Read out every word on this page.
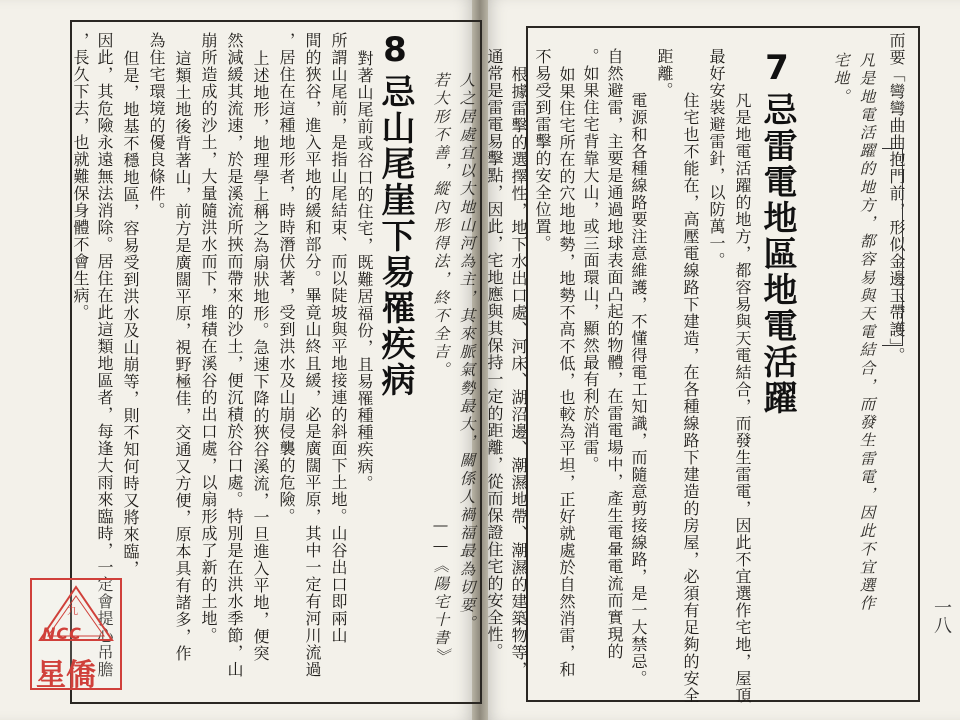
人之居處宜以大地山河為主，其來脈氣勢最大，關係人禍福最為切要。
若大形不善，縱內形得法，終不全吉。
——《陽宅十書》
8忌山尾崖下易罹疾病
對著山尾前或谷口的住宅，既難居福份，且易罹種種疾病。
所謂山尾前，是指山尾結束、而以陡坡與平地接連的斜面下土地。山谷出口即兩山
間的狹谷，進入平地的緩和部分。畢竟山終且緩，必是廣闊平原，其中一定有河川流過
，居住在這種地形者，時時潛伏著，受到洪水及山崩侵襲的危險。
上述地形，地理學上稱之為扇狀地形。急速下降的狹谷溪流，一旦進入平地，便突
然減緩其流速，於是溪流所挾而帶來的沙土，便沉積於谷口處。特別是在洪水季節，山
崩所造成的沙土，大量隨洪水而下，堆積在溪谷的出口處，以扇形成了新的土地。
這類土地後背著山，前方是廣闊平原，視野極佳，交通又方便，原本具有諸多，作
為住宅環境的優良條件。
但是，地基不穩地區，容易受到洪水及山崩等，則不知何時又將來臨，
因此，其危險永遠無法消除。居住在此這類地區者，每逢大雨來臨時，一定會提心吊膽
，長久下去，也就難保身體不會生病。	而要「彎彎曲曲抱門前，形似金邊玉帶護」。
凡是地電活躍的地方，都容易與天電結合，而發生雷電，因此不宜選作
宅地。
7忌雷電地區地電活躍
凡是地電活躍的地方，都容易與天電結合，而發生雷電，因此不宜選作宅地，屋頂
最好安裝避雷針，以防萬一。
住宅也不能在，高壓電線路下建造，在各種線路下建造的房屋，必須有足夠的安全
距離。
電源和各種線路要注意維護，不懂得電工知識，而隨意剪接線路，是一大禁忌。
自然避雷，主要是通過地球表面凸起的物體，在雷電場中，產生電暈電流而實現的
。如果住宅背靠大山，或三面環山，顯然最有利於消雷。
如果住宅所在的穴地地勢，地勢不高不低，也較為平坦，正好就處於自然消雷，和
不易受到雷擊的安全位置。
根據雷擊的選擇性，地下水出口處、河床、湖沼邊、潮濕地帶、潮濕的建築物等，
通常是雷電易擊點，因此，宅地應與其保持一定的距離，從而保證住宅的安全性。	一八
九
NCC
星僑
